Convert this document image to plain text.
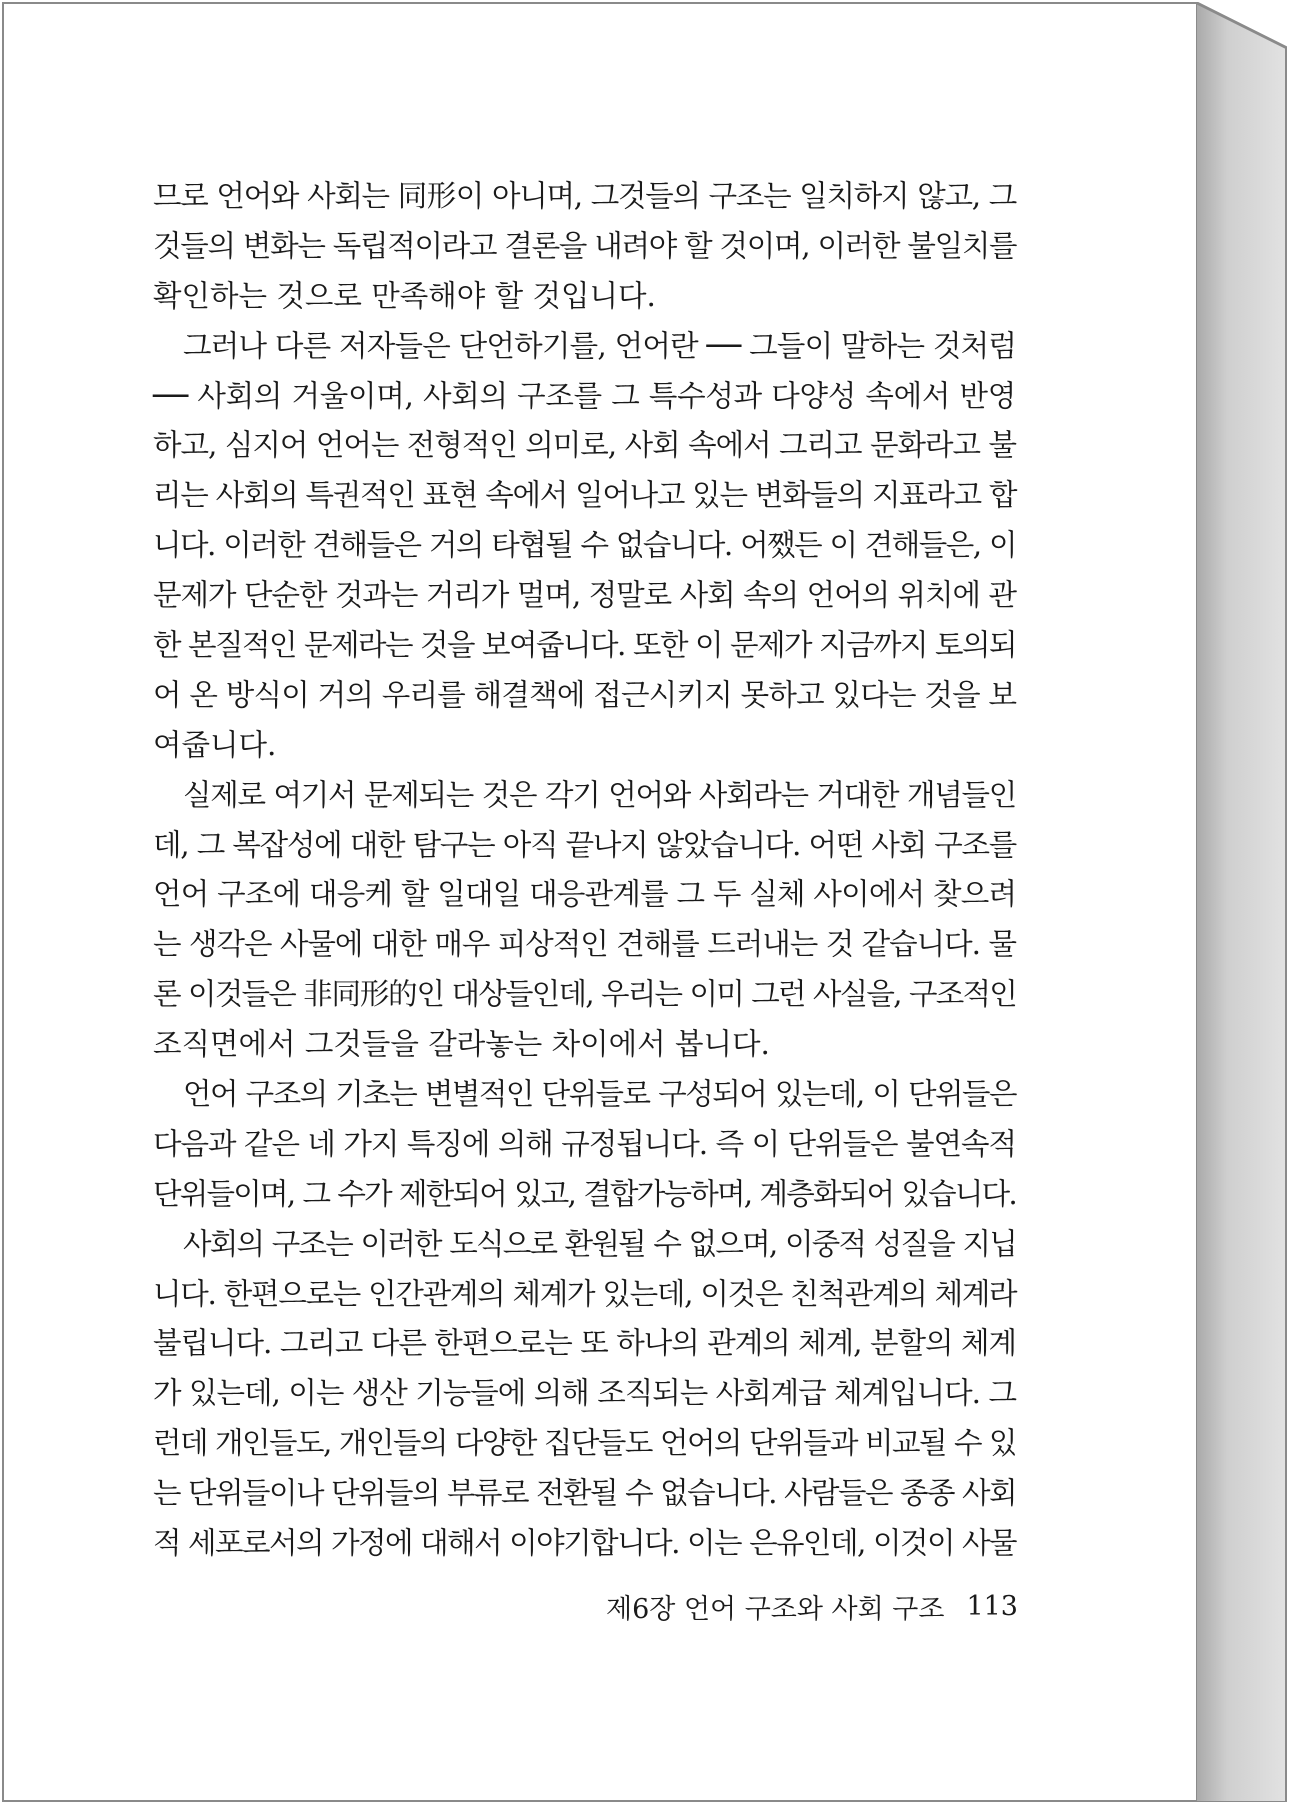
므로 언어와 사회는 同形이 아니며, 그것들의 구조는 일치하지 않고, 그
것들의 변화는 독립적이라고 결론을 내려야 할 것이며, 이러한 불일치를
확인하는 것으로 만족해야 할 것입니다.
그러나 다른 저자들은 단언하기를, 언어란 ── 그들이 말하는 것처럼
── 사회의 거울이며, 사회의 구조를 그 특수성과 다양성 속에서 반영
하고, 심지어 언어는 전형적인 의미로, 사회 속에서 그리고 문화라고 불
리는 사회의 특권적인 표현 속에서 일어나고 있는 변화들의 지표라고 합
니다. 이러한 견해들은 거의 타협될 수 없습니다. 어쨌든 이 견해들은, 이
문제가 단순한 것과는 거리가 멀며, 정말로 사회 속의 언어의 위치에 관
한 본질적인 문제라는 것을 보여줍니다. 또한 이 문제가 지금까지 토의되
어 온 방식이 거의 우리를 해결책에 접근시키지 못하고 있다는 것을 보
여줍니다.
실제로 여기서 문제되는 것은 각기 언어와 사회라는 거대한 개념들인
데, 그 복잡성에 대한 탐구는 아직 끝나지 않았습니다. 어떤 사회 구조를
언어 구조에 대응케 할 일대일 대응관계를 그 두 실체 사이에서 찾으려
는 생각은 사물에 대한 매우 피상적인 견해를 드러내는 것 같습니다. 물
론 이것들은 非同形的인 대상들인데, 우리는 이미 그런 사실을, 구조적인
조직면에서 그것들을 갈라놓는 차이에서 봅니다.
언어 구조의 기초는 변별적인 단위들로 구성되어 있는데, 이 단위들은
다음과 같은 네 가지 특징에 의해 규정됩니다. 즉 이 단위들은 불연속적
단위들이며, 그 수가 제한되어 있고, 결합가능하며, 계층화되어 있습니다.
사회의 구조는 이러한 도식으로 환원될 수 없으며, 이중적 성질을 지닙
니다. 한편으로는 인간관계의 체계가 있는데, 이것은 친척관계의 체계라
불립니다. 그리고 다른 한편으로는 또 하나의 관계의 체계, 분할의 체계
가 있는데, 이는 생산 기능들에 의해 조직되는 사회계급 체계입니다. 그
런데 개인들도, 개인들의 다양한 집단들도 언어의 단위들과 비교될 수 있
는 단위들이나 단위들의 부류로 전환될 수 없습니다. 사람들은 종종 사회
적 세포로서의 가정에 대해서 이야기합니다. 이는 은유인데, 이것이 사물
제6장 언어 구조와 사회 구조 113
